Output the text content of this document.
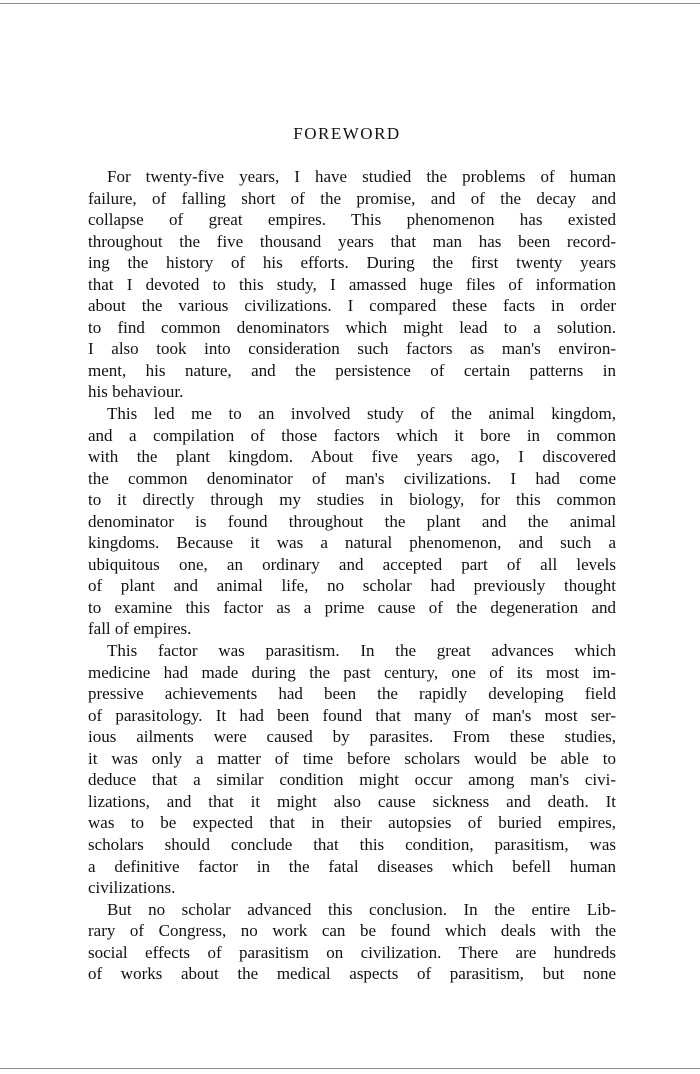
FOREWORD
For twenty-five years, I have studied the problems of human
failure, of falling short of the promise, and of the decay and
collapse of great empires. This phenomenon has existed
throughout the five thousand years that man has been record-
ing the history of his efforts. During the first twenty years
that I devoted to this study, I amassed huge files of information
about the various civilizations. I compared these facts in order
to find common denominators which might lead to a solution.
I also took into consideration such factors as man's environ-
ment, his nature, and the persistence of certain patterns in
his behaviour.
This led me to an involved study of the animal kingdom,
and a compilation of those factors which it bore in common
with the plant kingdom. About five years ago, I discovered
the common denominator of man's civilizations. I had come
to it directly through my studies in biology, for this common
denominator is found throughout the plant and the animal
kingdoms. Because it was a natural phenomenon, and such a
ubiquitous one, an ordinary and accepted part of all levels
of plant and animal life, no scholar had previously thought
to examine this factor as a prime cause of the degeneration and
fall of empires.
This factor was parasitism. In the great advances which
medicine had made during the past century, one of its most im-
pressive achievements had been the rapidly developing field
of parasitology. It had been found that many of man's most ser-
ious ailments were caused by parasites. From these studies,
it was only a matter of time before scholars would be able to
deduce that a similar condition might occur among man's civi-
lizations, and that it might also cause sickness and death. It
was to be expected that in their autopsies of buried empires,
scholars should conclude that this condition, parasitism, was
a definitive factor in the fatal diseases which befell human
civilizations.
But no scholar advanced this conclusion. In the entire Lib-
rary of Congress, no work can be found which deals with the
social effects of parasitism on civilization. There are hundreds
of works about the medical aspects of parasitism, but none
